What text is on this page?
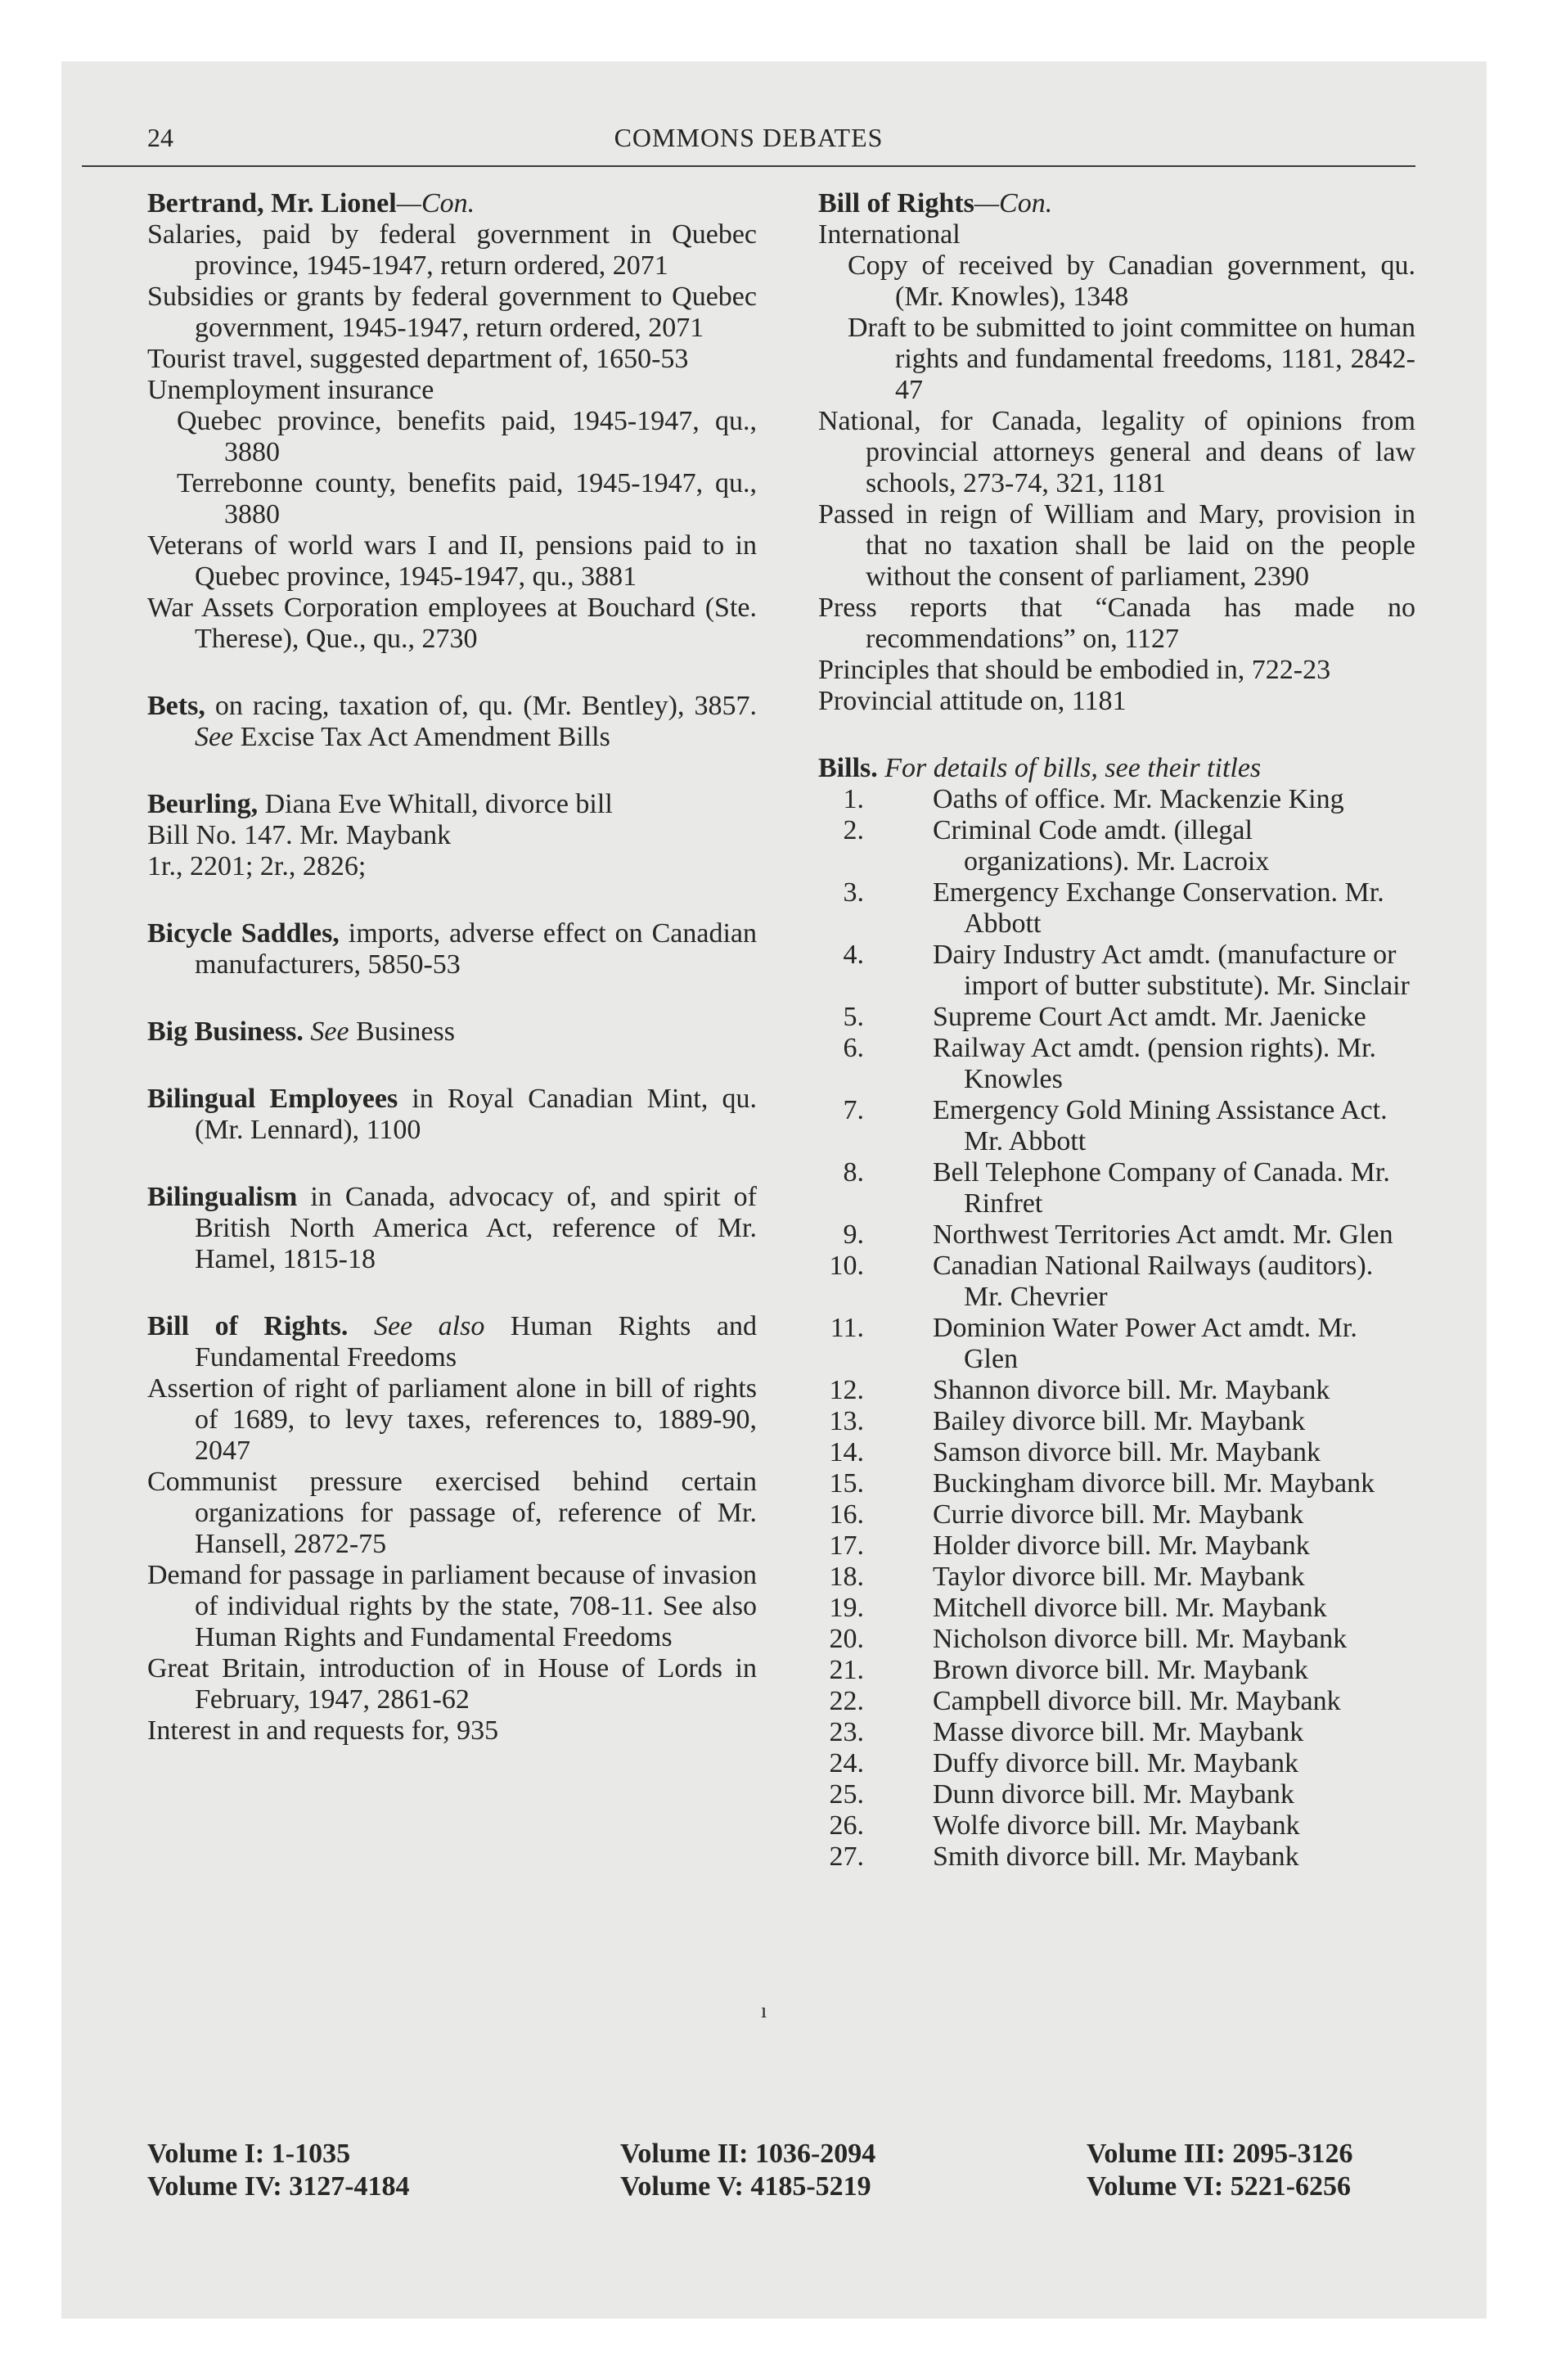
24	COMMONS DEBATES

Bertrand, Mr. Lionel—Con.

Salaries, paid by federal government in Quebec province, 1945-1947, return ordered, 2071

Subsidies or grants by federal government to Quebec government, 1945-1947, return ordered, 2071

Tourist travel, suggested department of, 1650-53

Unemployment insurance

Quebec province, benefits paid, 1945-1947, qu., 3880

Terrebonne county, benefits paid, 1945-1947, qu., 3880

Veterans of world wars I and II, pensions paid to in Quebec province, 1945-1947, qu., 3881

War Assets Corporation employees at Bouchard (Ste. Therese), Que., qu., 2730

Bets, on racing, taxation of, qu. (Mr. Bentley), 3857. See Excise Tax Act Amendment Bills

Beurling, Diana Eve Whitall, divorce bill

Bill No. 147. Mr. Maybank

1r., 2201; 2r., 2826;

Bicycle Saddles, imports, adverse effect on Canadian manufacturers, 5850-53

Big Business. See Business

Bilingual Employees in Royal Canadian Mint, qu. (Mr. Lennard), 1100

Bilingualism in Canada, advocacy of, and spirit of British North America Act, reference of Mr. Hamel, 1815-18

Bill of Rights. See also Human Rights and Fundamental Freedoms

Assertion of right of parliament alone in bill of rights of 1689, to levy taxes, references to, 1889-90, 2047

Communist pressure exercised behind certain organizations for passage of, reference of Mr. Hansell, 2872-75

Demand for passage in parliament because of invasion of individual rights by the state, 708-11. See also Human Rights and Fundamental Freedoms

Great Britain, introduction of in House of Lords in February, 1947, 2861-62

Interest in and requests for, 935

Bill of Rights—Con.

International

Copy of received by Canadian government, qu. (Mr. Knowles), 1348

Draft to be submitted to joint committee on human rights and fundamental freedoms, 1181, 2842-47

National, for Canada, legality of opinions from provincial attorneys general and deans of law schools, 273-74, 321, 1181

Passed in reign of William and Mary, provision in that no taxation shall be laid on the people without the consent of parliament, 2390

Press reports that “Canada has made no recommendations” on, 1127

Principles that should be embodied in, 722-23

Provincial attitude on, 1181

Bills. For details of bills, see their titles

1. Oaths of office. Mr. Mackenzie King
2. Criminal Code amdt. (illegal organizations). Mr. Lacroix
3. Emergency Exchange Conservation. Mr. Abbott
4. Dairy Industry Act amdt. (manufacture or import of butter substitute). Mr. Sinclair
5. Supreme Court Act amdt. Mr. Jaenicke
6. Railway Act amdt. (pension rights). Mr. Knowles
7. Emergency Gold Mining Assistance Act. Mr. Abbott
8. Bell Telephone Company of Canada. Mr. Rinfret
9. Northwest Territories Act amdt. Mr. Glen
10. Canadian National Railways (auditors). Mr. Chevrier
11. Dominion Water Power Act amdt. Mr. Glen
12. Shannon divorce bill. Mr. Maybank
13. Bailey divorce bill. Mr. Maybank
14. Samson divorce bill. Mr. Maybank
15. Buckingham divorce bill. Mr. Maybank
16. Currie divorce bill. Mr. Maybank
17. Holder divorce bill. Mr. Maybank
18. Taylor divorce bill. Mr. Maybank
19. Mitchell divorce bill. Mr. Maybank
20. Nicholson divorce bill. Mr. Maybank
21. Brown divorce bill. Mr. Maybank
22. Campbell divorce bill. Mr. Maybank
23. Masse divorce bill. Mr. Maybank
24. Duffy divorce bill. Mr. Maybank
25. Dunn divorce bill. Mr. Maybank
26. Wolfe divorce bill. Mr. Maybank
27. Smith divorce bill. Mr. Maybank
ı
Volume I: 1-1035
Volume IV: 3127-4184
Volume II: 1036-2094
Volume V: 4185-5219
Volume III: 2095-3126
Volume VI: 5221-6256
